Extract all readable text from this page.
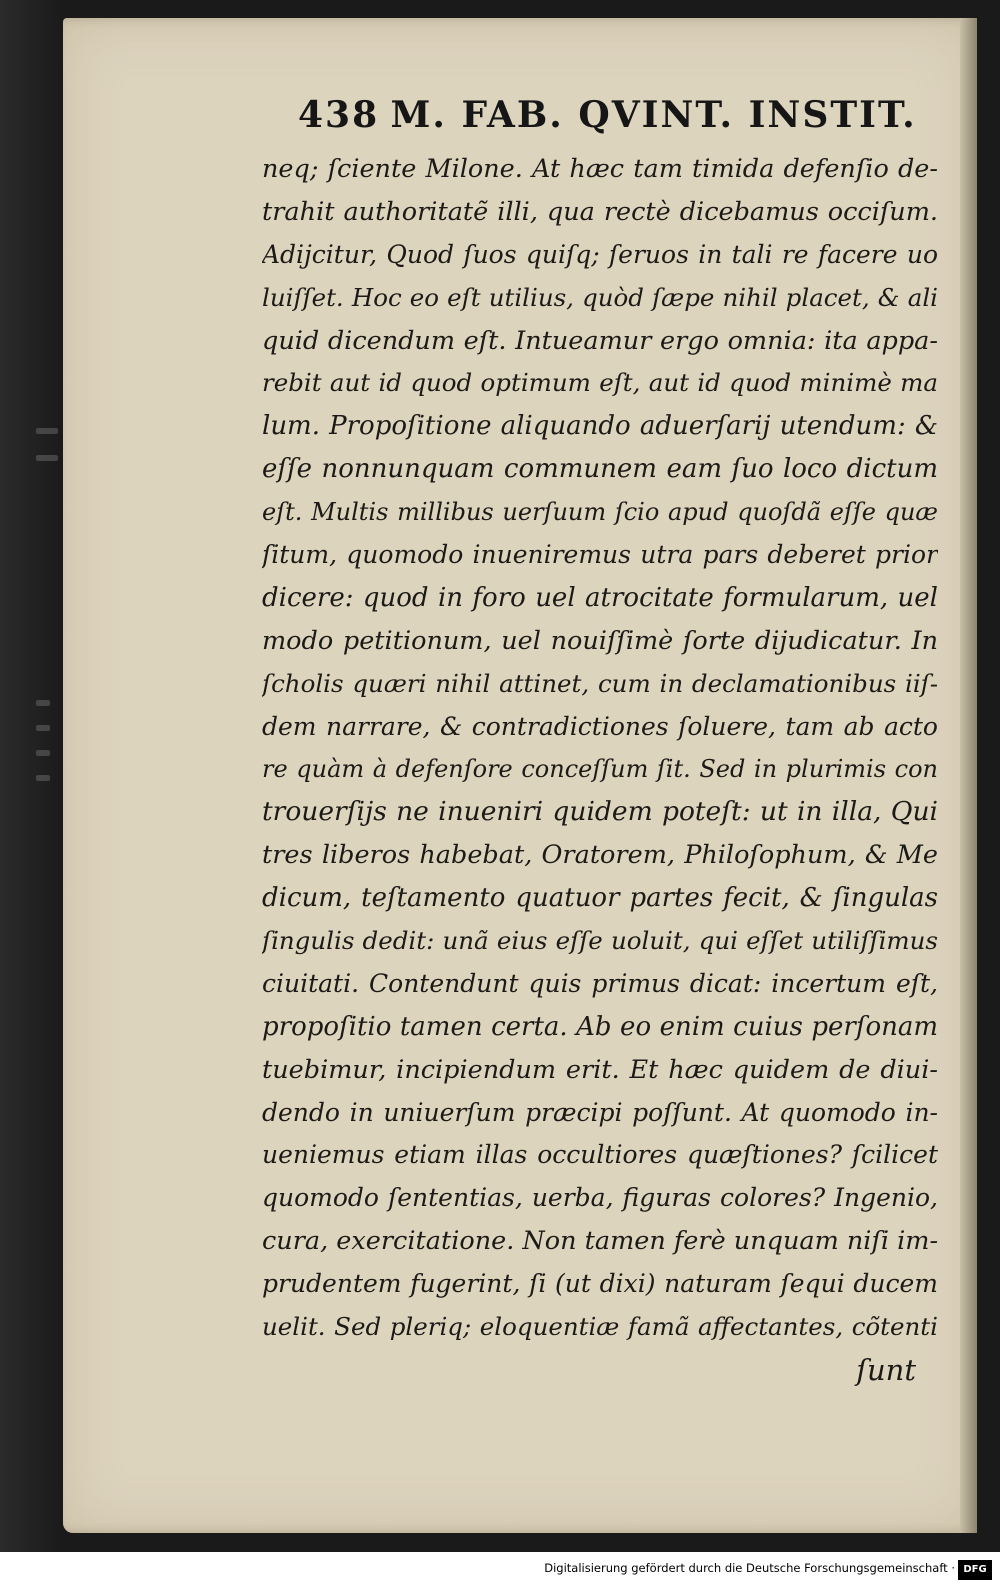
438 M. FAB. QVINT. INSTIT.
neq; ſciente Milone. At hæc tam timida defenſio de-
trahit authoritatẽ illi, qua rectè dicebamus occiſum.
Adijcitur, Quod ſuos quiſq; ſeruos in tali re facere uo
luiſſet. Hoc eo eſt utilius, quòd ſæpe nihil placet, & ali
quid dicendum eſt. Intueamur ergo omnia: ita appa-
rebit aut id quod optimum eſt, aut id quod minimè ma
lum. Propoſitione aliquando aduerſarij utendum: &
eſſe nonnunquam communem eam ſuo loco dictum
eſt. Multis millibus uerſuum ſcio apud quoſdã eſſe quæ
ſitum, quomodo inueniremus utra pars deberet prior
dicere: quod in foro uel atrocitate formularum, uel
modo petitionum, uel nouiſſimè ſorte dijudicatur. In
ſcholis quæri nihil attinet, cum in declamationibus iiſ-
dem narrare, & contradictiones ſoluere, tam ab acto
re quàm à defenſore conceſſum ſit. Sed in plurimis con
trouerſijs ne inueniri quidem poteſt: ut in illa, Qui
tres liberos habebat, Oratorem, Philoſophum, & Me
dicum, teſtamento quatuor partes fecit, & ſingulas
ſingulis dedit: unã eius eſſe uoluit, qui eſſet utiliſſimus
ciuitati. Contendunt quis primus dicat: incertum eſt,
propoſitio tamen certa. Ab eo enim cuius perſonam
tuebimur, incipiendum erit. Et hæc quidem de diui-
dendo in uniuerſum præcipi poſſunt. At quomodo in-
ueniemus etiam illas occultiores quæſtiones? ſcilicet
quomodo ſententias, uerba, figuras colores? Ingenio,
cura, exercitatione. Non tamen ferè unquam niſi im-
prudentem fugerint, ſi (ut dixi) naturam ſequi ducem
uelit. Sed pleriq; eloquentiæ famã affectantes, cõtenti
ſunt
Digitalisierung gefördert durch die Deutsche Forschungsgemeinschaft · DFG
